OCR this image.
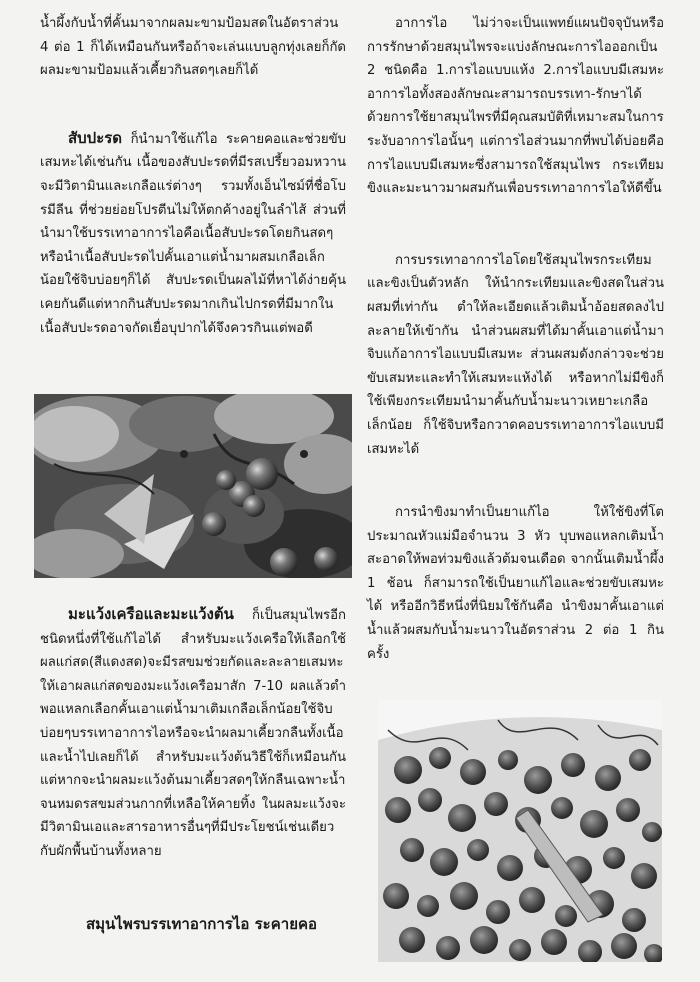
น้ำผึ้งกับน้ำที่คั้นมาจากผลมะขามป้อมสดในอัตราส่วน 4 ต่อ 1 ก็ได้เหมือนกันหรือถ้าจะเล่นแบบลูกทุ่งเลยก็กัดผลมะขามป้อมแล้วเคี้ยวกินสดๆเลยก็ได้

สับปะรด ก็นำมาใช้แก้ไอ ระคายคอและช่วยขับเสมหะได้เช่นกัน เนื้อของสับปะรดที่มีรสเปรี้ยวอมหวานจะมีวิตามินและเกลือแร่ต่างๆ รวมทั้งเอ็นไซม์ที่ชื่อโบรมีลีน ที่ช่วยย่อยโปรตีนไม่ให้ตกค้างอยู่ในลำไส้ ส่วนที่นำมาใช้บรรเทาอาการไอคือเนื้อสับปะรดโดยกินสดๆหรือนำเนื้อสับปะรดไปคั้นเอาแต่น้ำมาผสมเกลือเล็กน้อยใช้จิบบ่อยๆก็ได้ สับปะรดเป็นผลไม้ที่หาได้ง่ายคุ้นเคยกันดีแต่หากกินสับปะรดมากเกินไปกรดที่มีมากในเนื้อสับปะรดอาจกัดเยื่อบุปากได้จึงควรกินแต่พอดี

มะแว้งเครือและมะแว้งต้น ก็เป็นสมุนไพรอีกชนิดหนึ่งที่ใช้แก้ไอได้ สำหรับมะแว้งเครือให้เลือกใช้ผลแก่สด(สีแดงสด)จะมีรสขมช่วยกัดและละลายเสมหะ ให้เอาผลแก่สดของมะแว้งเครือมาสัก 7-10 ผลแล้วตำพอแหลกเลือกคั้นเอาแต่น้ำมาเติมเกลือเล็กน้อยใช้จิบบ่อยๆบรรเทาอาการไอหรือจะนำผลมาเคี้ยวกลืนทั้งเนื้อและน้ำไปเลยก็ได้ สำหรับมะแว้งต้นวิธีใช้ก็เหมือนกันแต่หากจะนำผลมะแว้งต้นมาเคี้ยวสดๆให้กลืนเฉพาะน้ำจนหมดรสขมส่วนกากที่เหลือให้คายทิ้ง ในผลมะแว้งจะมีวิตามินเอและสารอาหารอื่นๆที่มีประโยชน์เช่นเดียวกับผักพื้นบ้านทั้งหลาย

สมุนไพรบรรเทาอาการไอ ระคายคอ

อาการไอ ไม่ว่าจะเป็นแพทย์แผนปัจจุบันหรือการรักษาด้วยสมุนไพรจะแบ่งลักษณะการไอออกเป็น 2 ชนิดคือ 1.การไอแบบแห้ง 2.การไอแบบมีเสมหะ อาการไอทั้งสองลักษณะสามารถบรรเทา-รักษาได้ด้วยการใช้ยาสมุนไพรที่มีคุณสมบัติที่เหมาะสมในการระงับอาการไอนั้นๆ แต่การไอส่วนมากที่พบได้บ่อยคือการไอแบบมีเสมหะซึ่งสามารถใช้สมุนไพร กระเทียม ขิงและมะนาวมาผสมกันเพื่อบรรเทาอาการไอให้ดีขึ้น

การบรรเทาอาการไอโดยใช้สมุนไพรกระเทียมและขิงเป็นตัวหลัก ให้นำกระเทียมและขิงสดในส่วนผสมที่เท่ากัน ตำให้ละเอียดแล้วเติมน้ำอ้อยสดลงไปละลายให้เข้ากัน นำส่วนผสมที่ได้มาคั้นเอาแต่น้ำมาจิบแก้อาการไอแบบมีเสมหะ ส่วนผสมดังกล่าวจะช่วยขับเสมหะและทำให้เสมหะแห้งได้ หรือหากไม่มีขิงก็ใช้เพียงกระเทียมนำมาคั้นกับน้ำมะนาวเหยาะเกลือเล็กน้อย ก็ใช้จิบหรือกวาดคอบรรเทาอาการไอแบบมีเสมหะได้

การนำขิงมาทำเป็นยาแก้ไอ ให้ใช้ขิงที่โตประมาณหัวแม่มือจำนวน 3 หัว บุบพอแหลกเติมน้ำสะอาดให้พอท่วมขิงแล้วต้มจนเดือด จากนั้นเติมน้ำผึ้ง 1 ช้อน ก็สามารถใช้เป็นยาแก้ไอและช่วยขับเสมหะได้ หรืออีกวิธีหนึ่งที่นิยมใช้กันคือ นำขิงมาคั้นเอาแต่น้ำแล้วผสมกับน้ำมะนาวในอัตราส่วน 2 ต่อ 1 กินครั้ง
